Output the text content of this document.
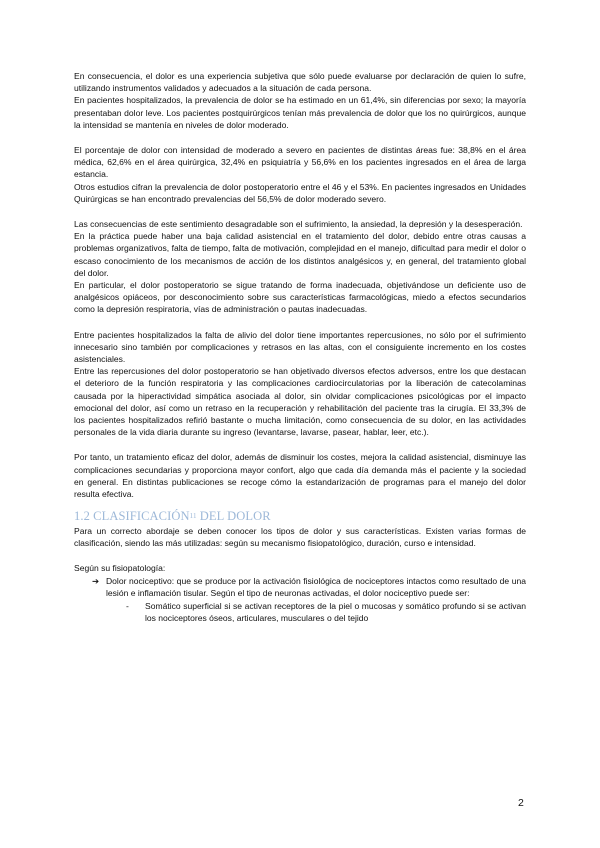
En consecuencia, el dolor es una experiencia subjetiva que sólo puede evaluarse por declaración de quien lo sufre, utilizando instrumentos validados y adecuados a la situación de cada persona.

En pacientes hospitalizados, la prevalencia de dolor se ha estimado en un 61,4%, sin diferencias por sexo; la mayoría presentaban dolor leve. Los pacientes postquirúrgicos tenían más prevalencia de dolor que los no quirúrgicos, aunque la intensidad se mantenía en niveles de dolor moderado.

El porcentaje de dolor con intensidad de moderado a severo en pacientes de distintas áreas fue: 38,8% en el área médica, 62,6% en el área quirúrgica, 32,4% en psiquiatría y 56,6% en los pacientes ingresados en el área de larga estancia.

Otros estudios cifran la prevalencia de dolor postoperatorio entre el 46 y el 53%. En pacientes ingresados en Unidades Quirúrgicas se han encontrado prevalencias del 56,5% de dolor moderado severo.

Las consecuencias de este sentimiento desagradable son el sufrimiento, la ansiedad, la depresión y la desesperación.

En la práctica puede haber una baja calidad asistencial en el tratamiento del dolor, debido entre otras causas a problemas organizativos, falta de tiempo, falta de motivación, complejidad en el manejo, dificultad para medir el dolor o escaso conocimiento de los mecanismos de acción de los distintos analgésicos y, en general, del tratamiento global del dolor.

En particular, el dolor postoperatorio se sigue tratando de forma inadecuada, objetivándose un deficiente uso de analgésicos opiáceos, por desconocimiento sobre sus características farmacológicas, miedo a efectos secundarios como la depresión respiratoria, vías de administración o pautas inadecuadas.

Entre pacientes hospitalizados la falta de alivio del dolor tiene importantes repercusiones, no sólo por el sufrimiento innecesario sino también por complicaciones y retrasos en las altas, con el consiguiente incremento en los costes asistenciales.

Entre las repercusiones del dolor postoperatorio se han objetivado diversos efectos adversos, entre los que destacan el deterioro de la función respiratoria y las complicaciones cardiocirculatorias por la liberación de catecolaminas causada por la hiperactividad simpática asociada al dolor, sin olvidar complicaciones psicológicas por el impacto emocional del dolor, así como un retraso en la recuperación y rehabilitación del paciente tras la cirugía. El 33,3% de los pacientes hospitalizados refirió bastante o mucha limitación, como consecuencia de su dolor, en las actividades personales de la vida diaria durante su ingreso (levantarse, lavarse, pasear, hablar, leer, etc.).

Por tanto, un tratamiento eficaz del dolor, además de disminuir los costes, mejora la calidad asistencial, disminuye las complicaciones secundarias y proporciona mayor confort, algo que cada día demanda más el paciente y la sociedad en general. En distintas publicaciones se recoge cómo la estandarización de programas para el manejo del dolor resulta efectiva.

1.2 CLASIFICACIÓN$^{11}$ DEL DOLOR

Para un correcto abordaje se deben conocer los tipos de dolor y sus características. Existen varias formas de clasificación, siendo las más utilizadas: según su mecanismo fisiopatológico, duración, curso e intensidad.

Según su fisiopatología:

➔ Dolor nociceptivo: que se produce por la activación fisiológica de nociceptores intactos como resultado de una lesión e inflamación tisular. Según el tipo de neuronas activadas, el dolor nociceptivo puede ser:
- Somático superficial si se activan receptores de la piel o mucosas y somático profundo si se activan los nociceptores óseos, articulares, musculares o del tejido
2
